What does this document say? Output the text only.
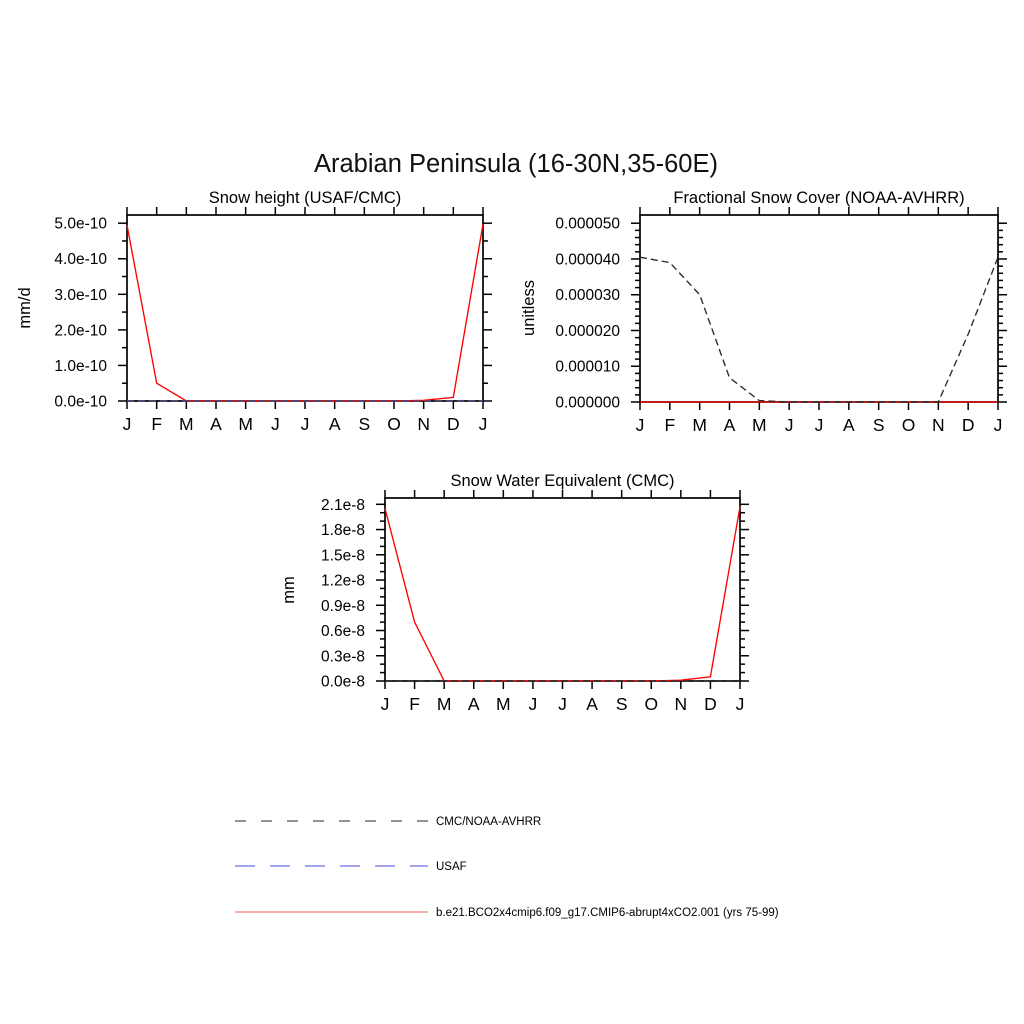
Arabian Peninsula (16-30N,35-60E)
Snow height (USAF/CMC)
mm/d
J F M A M J J A S O N D J
0.0e-10
1.0e-10
2.0e-10
3.0e-10
4.0e-10
5.0e-10
Fractional Snow Cover (NOAA-AVHRR)
unitless
J F M A M J J A S O N D J
0.000000
0.000010
0.000020
0.000030
0.000040
0.000050
Snow Water Equivalent (CMC)
mm
J F M A M J J A S O N D J
0.0e-8
0.3e-8
0.6e-8
0.9e-8
1.2e-8
1.5e-8
1.8e-8
2.1e-8
CMC/NOAA-AVHRR
USAF
b.e21.BCO2x4cmip6.f09_g17.CMIP6-abrupt4xCO2.001 (yrs 75-99)
